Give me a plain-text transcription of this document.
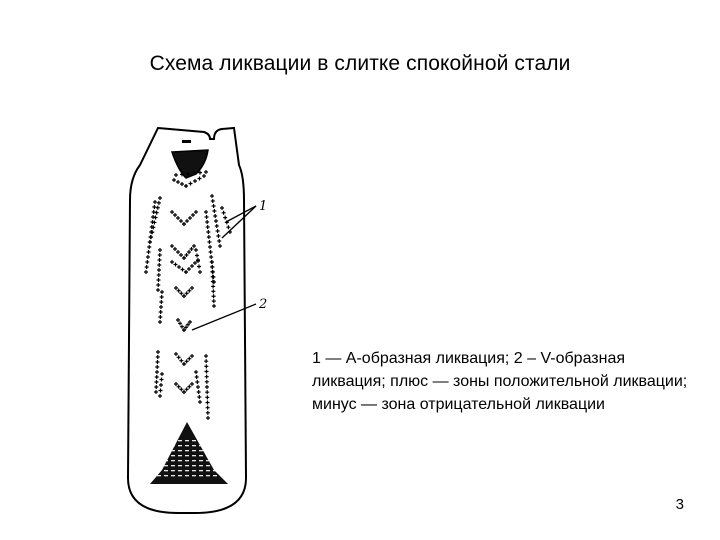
Схема ликвации в слитке спокойной стали
1
2
1 — А-образная ликвация; 2 – V-образная ликвация; плюс — зоны положительной ликвации; минус — зона отрицательной ликвации
3
